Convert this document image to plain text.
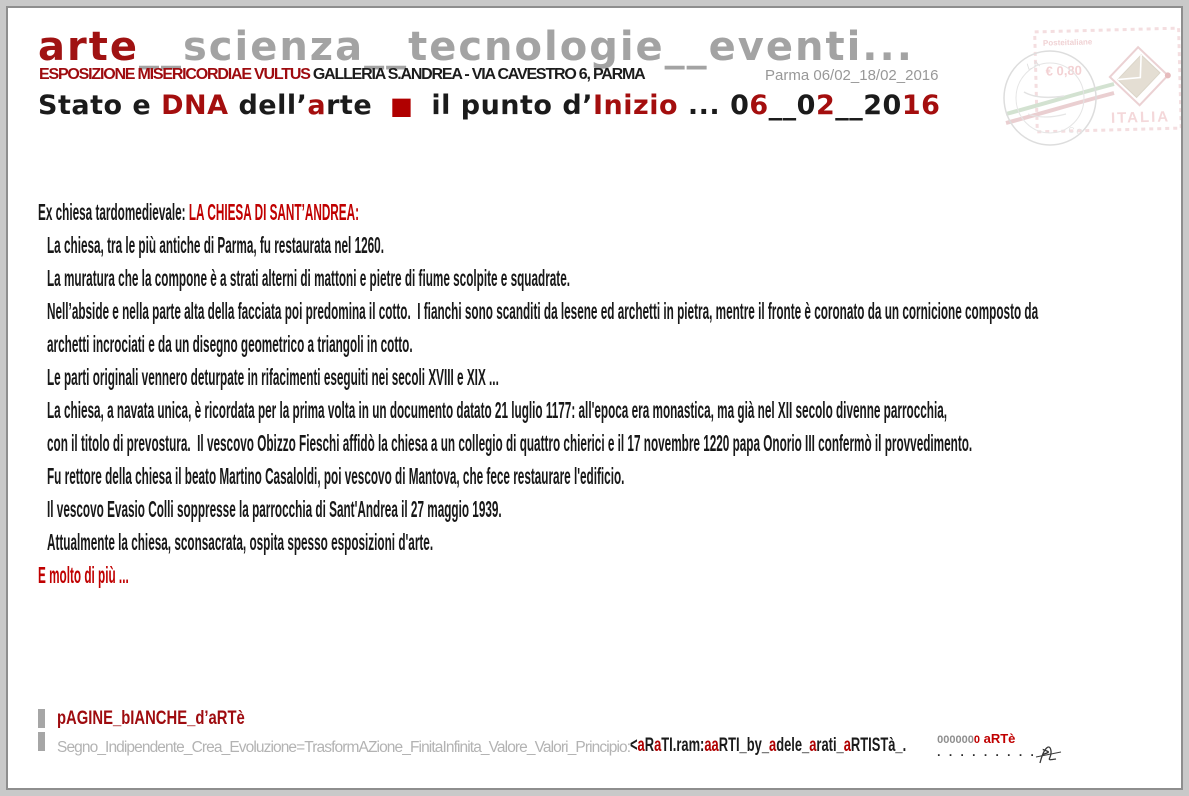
arte__scienza__tecnologie__eventi...
ESPOSIZIONE MISERICORDIAE VULTUS GALLERIA S.ANDREA - VIA CAVESTRO 6, PARMA	Parma 06/02_18/02_2016
Stato e DNA dell’arte ■ il punto d’Inizio ... 06__02__2016
Posteitaliane
€ 0,80
ITALIA
L A
C O
Ex chiesa tardomedievale: LA CHIESA DI SANT’ANDREA:
La chiesa, tra le più antiche di Parma, fu restaurata nel 1260.
La muratura che la compone è a strati alterni di mattoni e pietre di fiume scolpite e squadrate.
Nell’abside e nella parte alta della facciata poi predomina il cotto.  I fianchi sono scanditi da lesene ed archetti in pietra, mentre il fronte è coronato da un cornicione composto da
archetti incrociati e da un disegno geometrico a triangoli in cotto.
Le parti originali vennero deturpate in rifacimenti eseguiti nei secoli XVIII e XIX ...
La chiesa, a navata unica, è ricordata per la prima volta in un documento datato 21 luglio 1177: all'epoca era monastica, ma già nel XII secolo divenne parrocchia,
con il titolo di prevostura.  Il vescovo Obizzo Fieschi affidò la chiesa a un collegio di quattro chierici e il 17 novembre 1220 papa Onorio III confermò il provvedimento.
Fu rettore della chiesa il beato Martino Casaloldi, poi vescovo di Mantova, che fece restaurare l'edificio.
Il vescovo Evasio Colli soppresse la parrocchia di Sant'Andrea il 27 maggio 1939.
Attualmente la chiesa, sconsacrata, ospita spesso esposizioni d'arte.
E molto di più ...
pAGINE_bIANCHE_d’aRTè
Segno_Indipendente_Crea_Evoluzione=TrasformAZione_FinitaInfinita_Valore_Valori_Principio: <aRaTI.ram:aaRTI_by_adele_arati_aRTISTà_.	0000000 aRTè
. . . . . . . . . >
